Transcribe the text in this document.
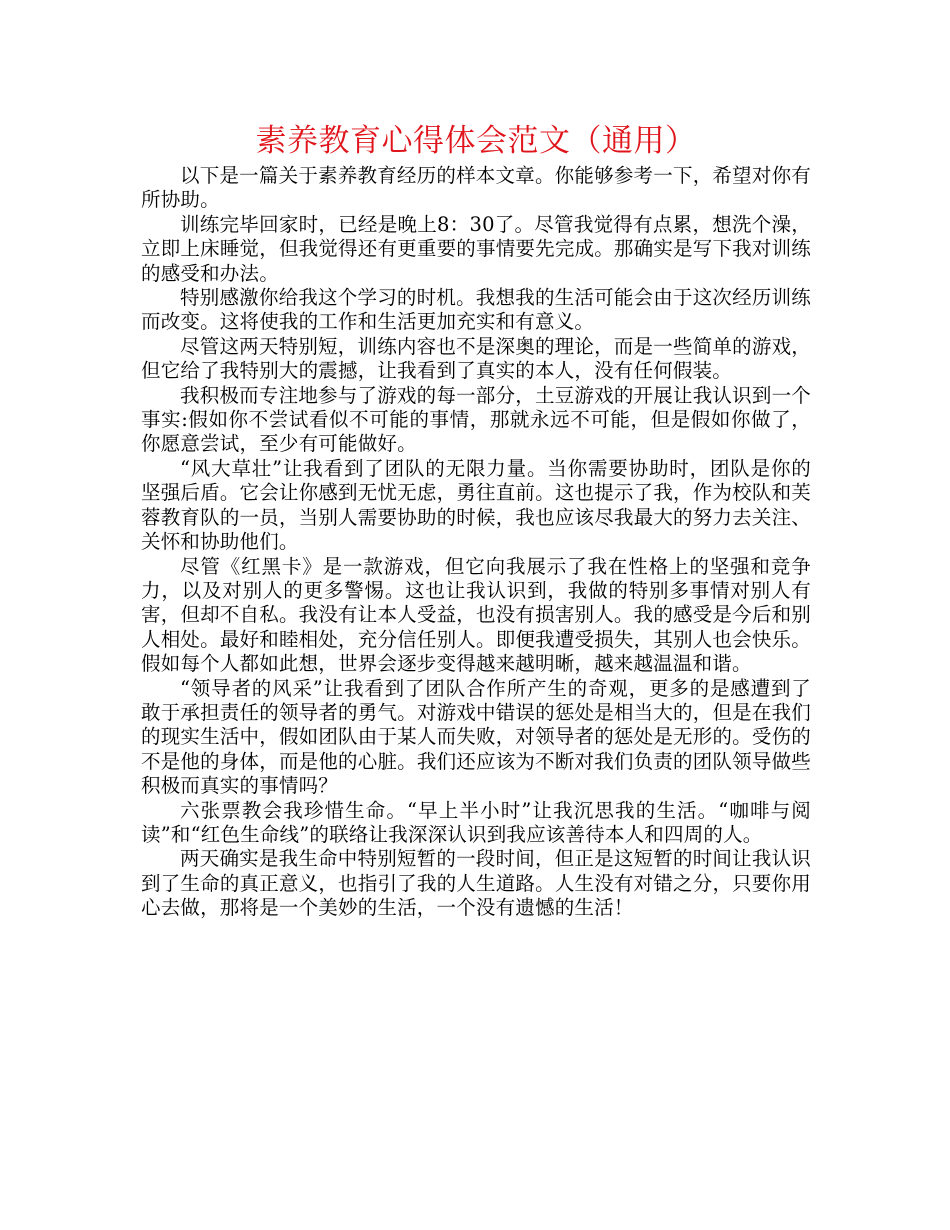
素养教育心得体会范文（通用）

以下是一篇关于素养教育经历的样本文章。你能够参考一下，希望对你有所协助。

训练完毕回家时，已经是晚上8：30了。尽管我觉得有点累，想洗个澡，立即上床睡觉，但我觉得还有更重要的事情要先完成。那确实是写下我对训练的感受和办法。

特别感激你给我这个学习的时机。我想我的生活可能会由于这次经历训练而改变。这将使我的工作和生活更加充实和有意义。

尽管这两天特别短，训练内容也不是深奥的理论，而是一些简单的游戏，但它给了我特别大的震撼，让我看到了真实的本人，没有任何假装。

我积极而专注地参与了游戏的每一部分，土豆游戏的开展让我认识到一个事实:假如你不尝试看似不可能的事情，那就永远不可能，但是假如你做了，你愿意尝试，至少有可能做好。

“风大草壮”让我看到了团队的无限力量。当你需要协助时，团队是你的坚强后盾。它会让你感到无忧无虑，勇往直前。这也提示了我，作为校队和芙蓉教育队的一员，当别人需要协助的时候，我也应该尽我最大的努力去关注、关怀和协助他们。

尽管《红黑卡》是一款游戏，但它向我展示了我在性格上的坚强和竞争力，以及对别人的更多警惕。这也让我认识到，我做的特别多事情对别人有害，但却不自私。我没有让本人受益，也没有损害别人。我的感受是今后和别人相处。最好和睦相处，充分信任别人。即便我遭受损失，其别人也会快乐。假如每个人都如此想，世界会逐步变得越来越明晰，越来越温温和谐。

“领导者的风采”让我看到了团队合作所产生的奇观，更多的是感遭到了敢于承担责任的领导者的勇气。对游戏中错误的惩处是相当大的，但是在我们的现实生活中，假如团队由于某人而失败，对领导者的惩处是无形的。受伤的不是他的身体，而是他的心脏。我们还应该为不断对我们负责的团队领导做些积极而真实的事情吗？

六张票教会我珍惜生命。“早上半小时”让我沉思我的生活。“咖啡与阅读”和“红色生命线”的联络让我深深认识到我应该善待本人和四周的人。

两天确实是我生命中特别短暂的一段时间，但正是这短暂的时间让我认识到了生命的真正意义，也指引了我的人生道路。人生没有对错之分，只要你用心去做，那将是一个美妙的生活，一个没有遗憾的生活！
